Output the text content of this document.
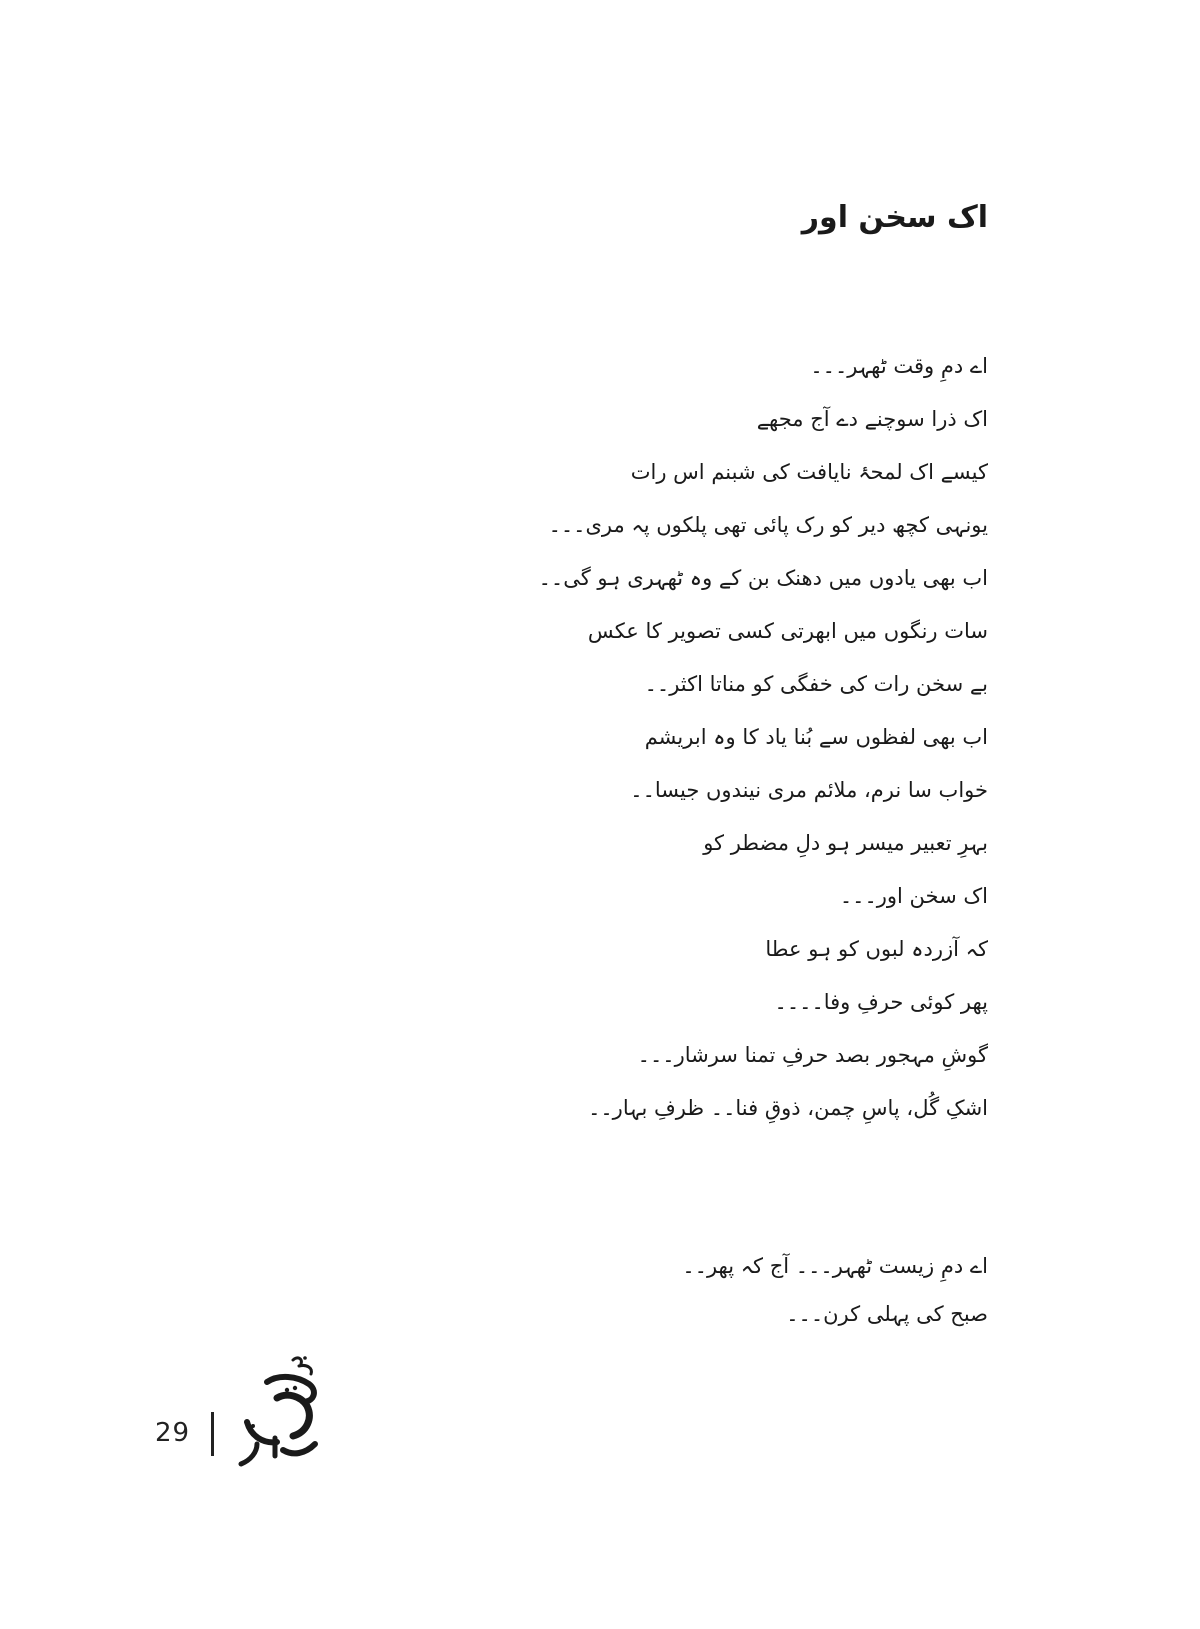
اک سخن اور
اے دمِ وقت ٹھہر۔۔۔
اک ذرا سوچنے دے آج مجھے
کیسے اک لمحۂ نایافت کی شبنم اس رات
یونہی کچھ دیر کو رک پائی تھی پلکوں پہ مری۔۔۔
اب بھی یادوں میں دھنک بن کے وہ ٹھہری ہو گی۔۔
سات رنگوں میں ابھرتی کسی تصویر کا عکس
بے سخن رات کی خفگی کو مناتا اکثر۔۔
اب بھی لفظوں سے بُنا یاد کا وہ ابریشم
خواب سا نرم، ملائم مری نیندوں جیسا۔۔
بہرِ تعبیر میسر ہو دلِ مضطر کو
اک سخن اور۔۔۔
کہ آزردہ لبوں کو ہو عطا
پھر کوئی حرفِ وفا۔۔۔۔
گوشِ مہجور بصد حرفِ تمنا سرشار۔۔۔
اشکِ گُل، پاسِ چمن، ذوقِ فنا۔۔ ظرفِ بہار۔۔
اے دمِ زیست ٹھہر۔۔۔ آج کہ پھر۔۔
صبح کی پہلی کرن۔۔۔
29
